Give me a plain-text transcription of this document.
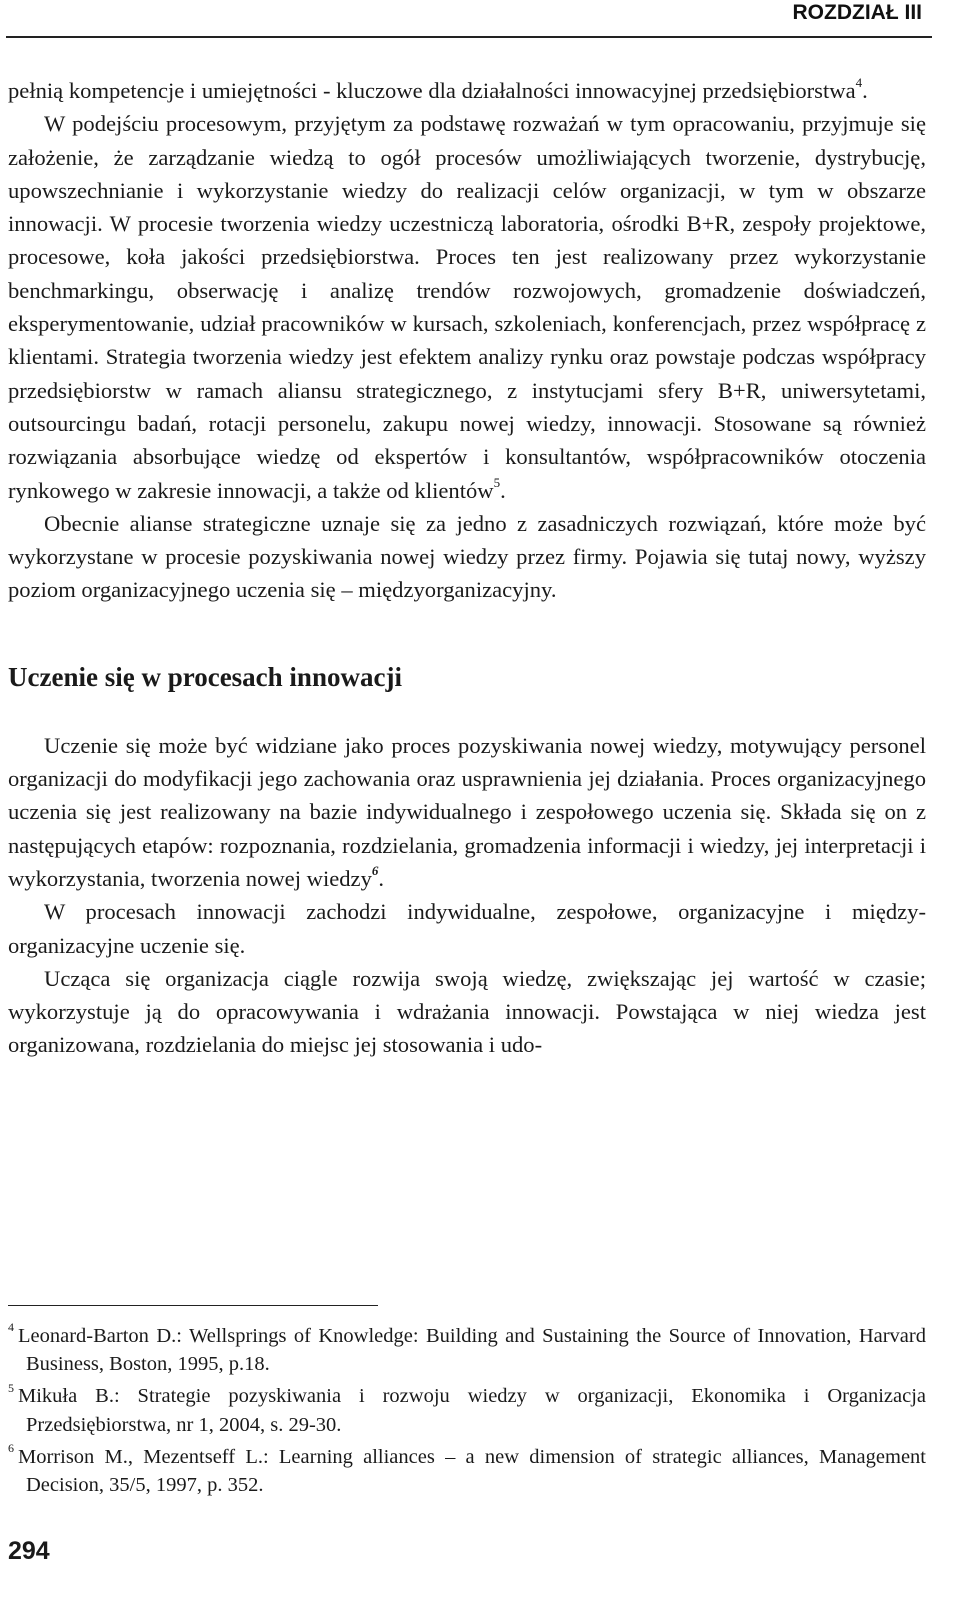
ROZDZIAŁ III

pełnią kompetencje i umiejętności - kluczowe dla działalności innowacyjnej przedsiębiorstwa$^4$.

W podejściu procesowym, przyjętym za podstawę rozważań w tym opracowaniu, przyjmuje się założenie, że zarządzanie wiedzą to ogół procesów umożliwiających tworzenie, dystrybucję, upowszechnianie i wykorzystanie wiedzy do realizacji celów organizacji, w tym w obszarze innowacji. W procesie tworzenia wiedzy uczestniczą laboratoria, ośrodki B+R, zespoły projektowe, procesowe, koła jakości przedsiębiorstwa. Proces ten jest realizowany przez wykorzystanie benchmarkingu, obserwację i analizę trendów rozwojowych, gromadzenie doświadczeń, eksperymentowanie, udział pracowników w kursach, szkoleniach, konferencjach, przez współpracę z klientami. Strategia tworzenia wiedzy jest efektem analizy rynku oraz powstaje podczas współpracy przedsiębiorstw w ramach aliansu strategicznego, z instytucjami sfery B+R, uniwersytetami, outsourcingu badań, rotacji personelu, zakupu nowej wiedzy, innowacji. Stosowane są również rozwiązania absorbujące wiedzę od ekspertów i konsultantów, współpracowników otoczenia rynkowego w zakresie innowacji, a także od klientów$^5$.

Obecnie alianse strategiczne uznaje się za jedno z zasadniczych rozwiązań, które może być wykorzystane w procesie pozyskiwania nowej wiedzy przez firmy. Pojawia się tutaj nowy, wyższy poziom organizacyjnego uczenia się – międzyorganizacyjny.

Uczenie się w procesach innowacji

Uczenie się może być widziane jako proces pozyskiwania nowej wiedzy, motywujący personel organizacji do modyfikacji jego zachowania oraz usprawnienia jej działania. Proces organizacyjnego uczenia się jest realizowany na bazie indywidualnego i zespołowego uczenia się. Składa się on z następujących etapów: rozpoznania, rozdzielania, gromadzenia informacji i wiedzy, jej interpretacji i wykorzystania, tworzenia nowej wiedzy$^6$.

W procesach innowacji zachodzi indywidualne, zespołowe, organizacyjne i między-organizacyjne uczenie się.

Ucząca się organizacja ciągle rozwija swoją wiedzę, zwiększając jej wartość w czasie; wykorzystuje ją do opracowywania i wdrażania innowacji. Powstająca w niej wiedza jest organizowana, rozdzielania do miejsc jej stosowania i udo-

$^4$ Leonard-Barton D.: Wellsprings of Knowledge: Building and Sustaining the Source of Innovation, Harvard Business, Boston, 1995, p.18.
$^5$ Mikuła B.: Strategie pozyskiwania i rozwoju wiedzy w organizacji, Ekonomika i Organizacja Przedsiębiorstwa, nr 1, 2004, s. 29-30.
$^6$ Morrison M., Mezentseff L.: Learning alliances – a new dimension of strategic alliances, Management Decision, 35/5, 1997, p. 352.
294
